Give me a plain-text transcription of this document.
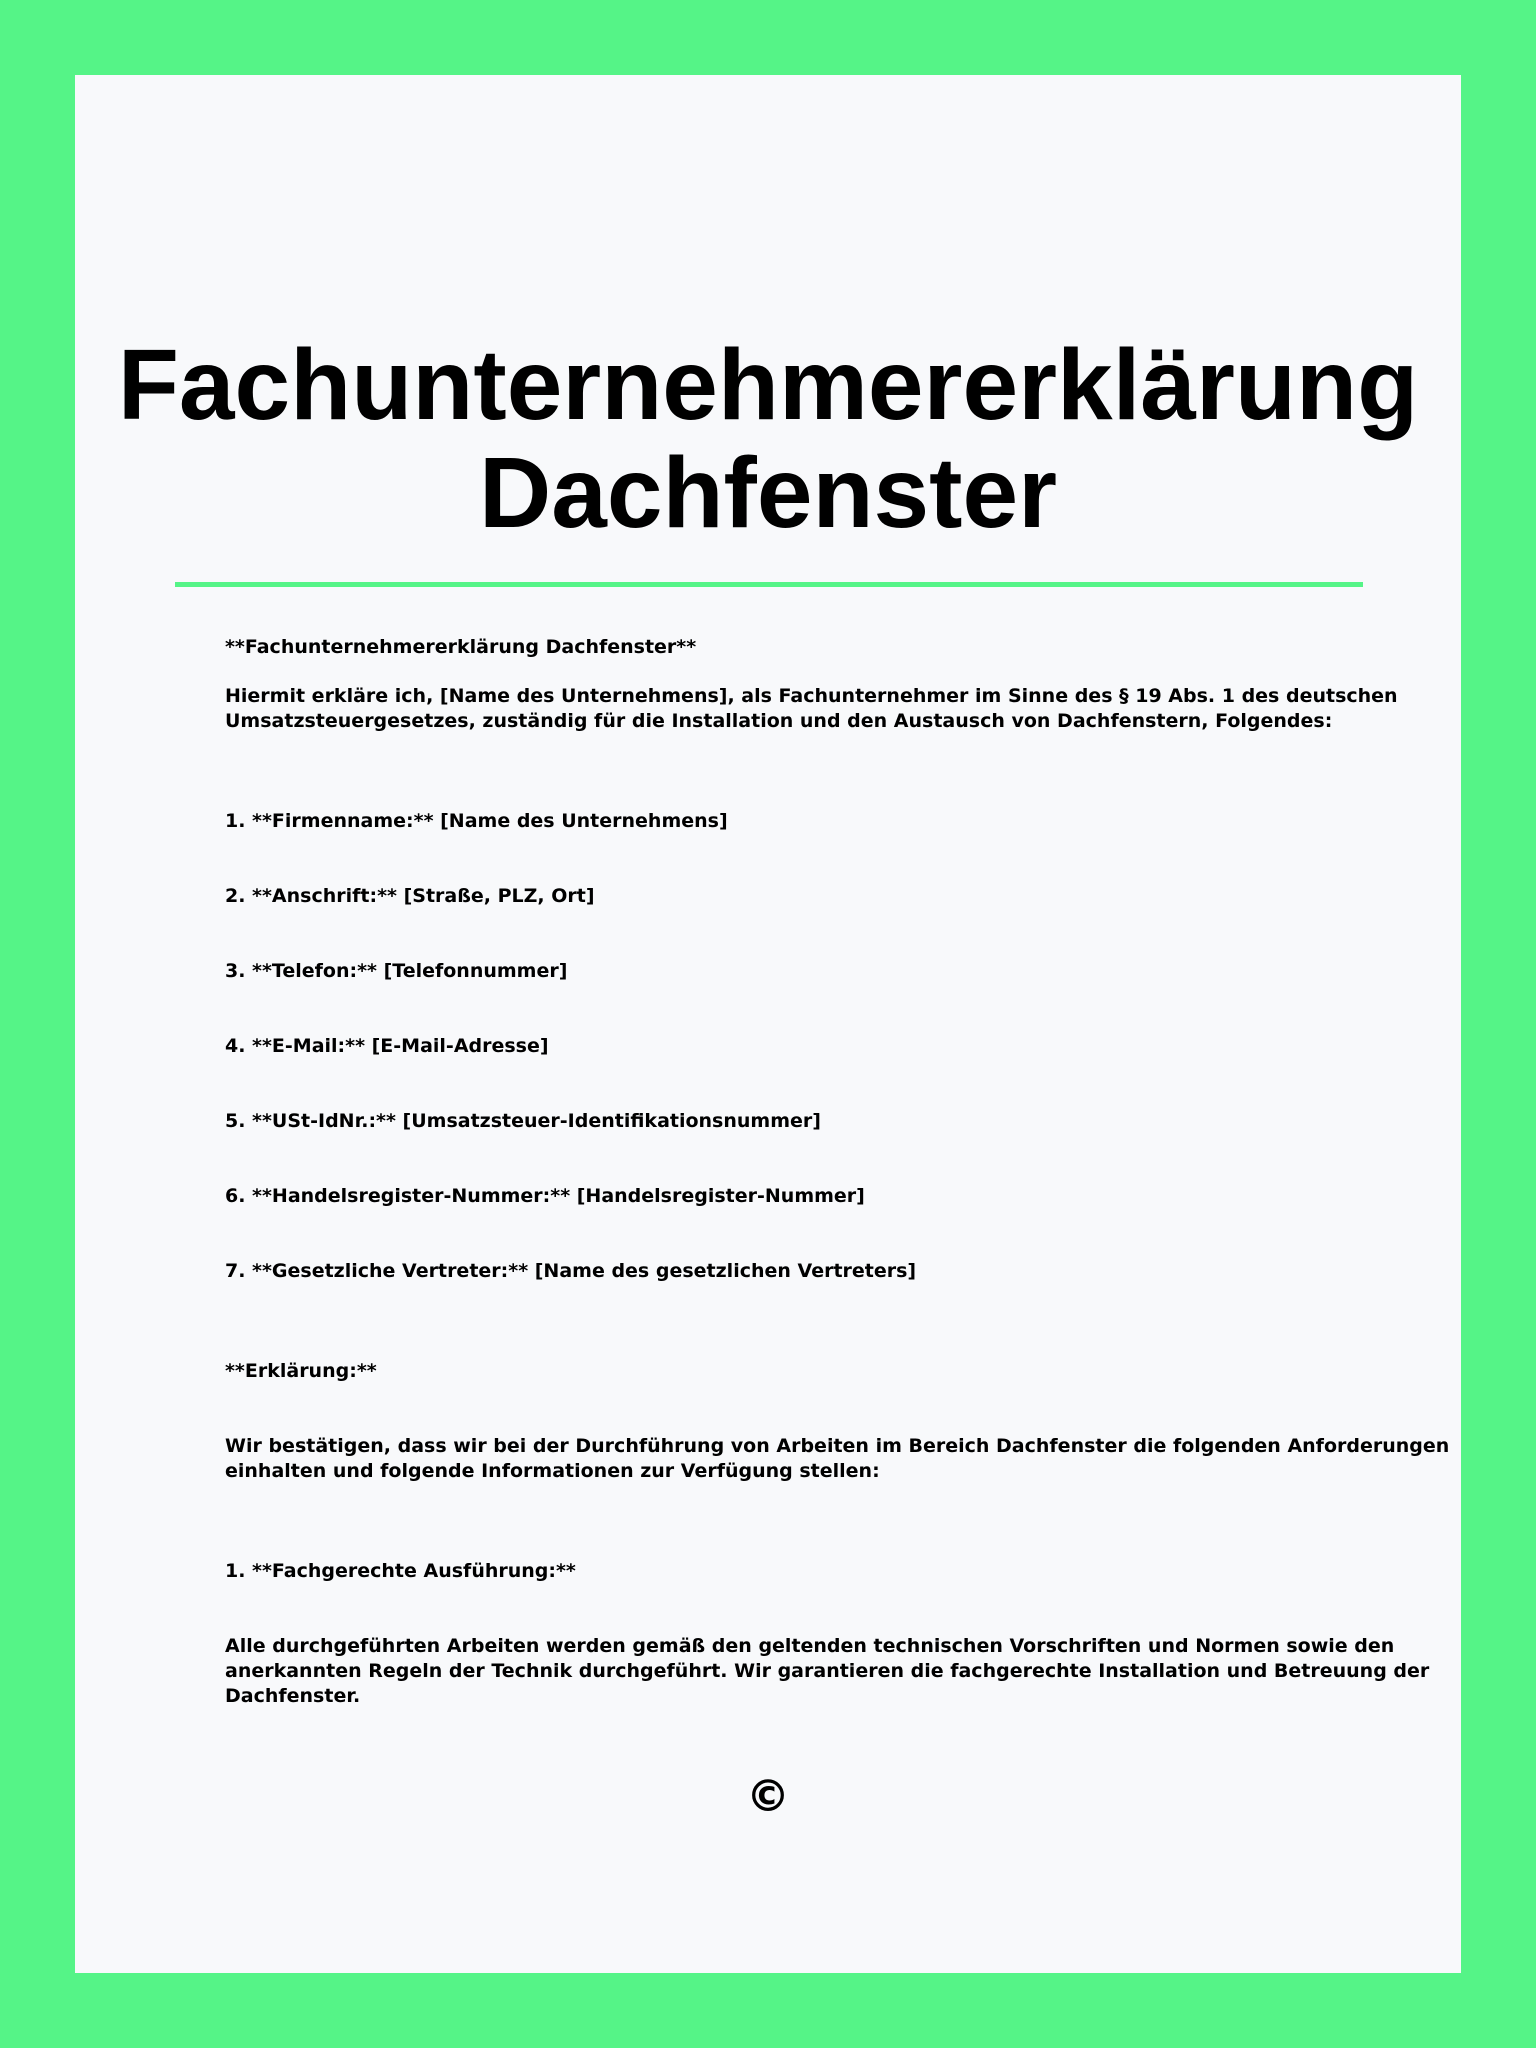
Fachunternehmererklärung
Dachfenster

**Fachunternehmererklärung Dachfenster**

Hiermit erkläre ich, [Name des Unternehmens], als Fachunternehmer im Sinne des § 19 Abs. 1 des deutschen

Umsatzsteuergesetzes, zuständig für die Installation und den Austausch von Dachfenstern, Folgendes:

1. **Firmenname:** [Name des Unternehmens]

2. **Anschrift:** [Straße, PLZ, Ort]

3. **Telefon:** [Telefonnummer]

4. **E-Mail:** [E-Mail-Adresse]

5. **USt-IdNr.:** [Umsatzsteuer-Identifikationsnummer]

6. **Handelsregister-Nummer:** [Handelsregister-Nummer]

7. **Gesetzliche Vertreter:** [Name des gesetzlichen Vertreters]

**Erklärung:**

Wir bestätigen, dass wir bei der Durchführung von Arbeiten im Bereich Dachfenster die folgenden Anforderungen

einhalten und folgende Informationen zur Verfügung stellen:

1. **Fachgerechte Ausführung:**

Alle durchgeführten Arbeiten werden gemäß den geltenden technischen Vorschriften und Normen sowie den

anerkannten Regeln der Technik durchgeführt. Wir garantieren die fachgerechte Installation und Betreuung der

Dachfenster.

©
